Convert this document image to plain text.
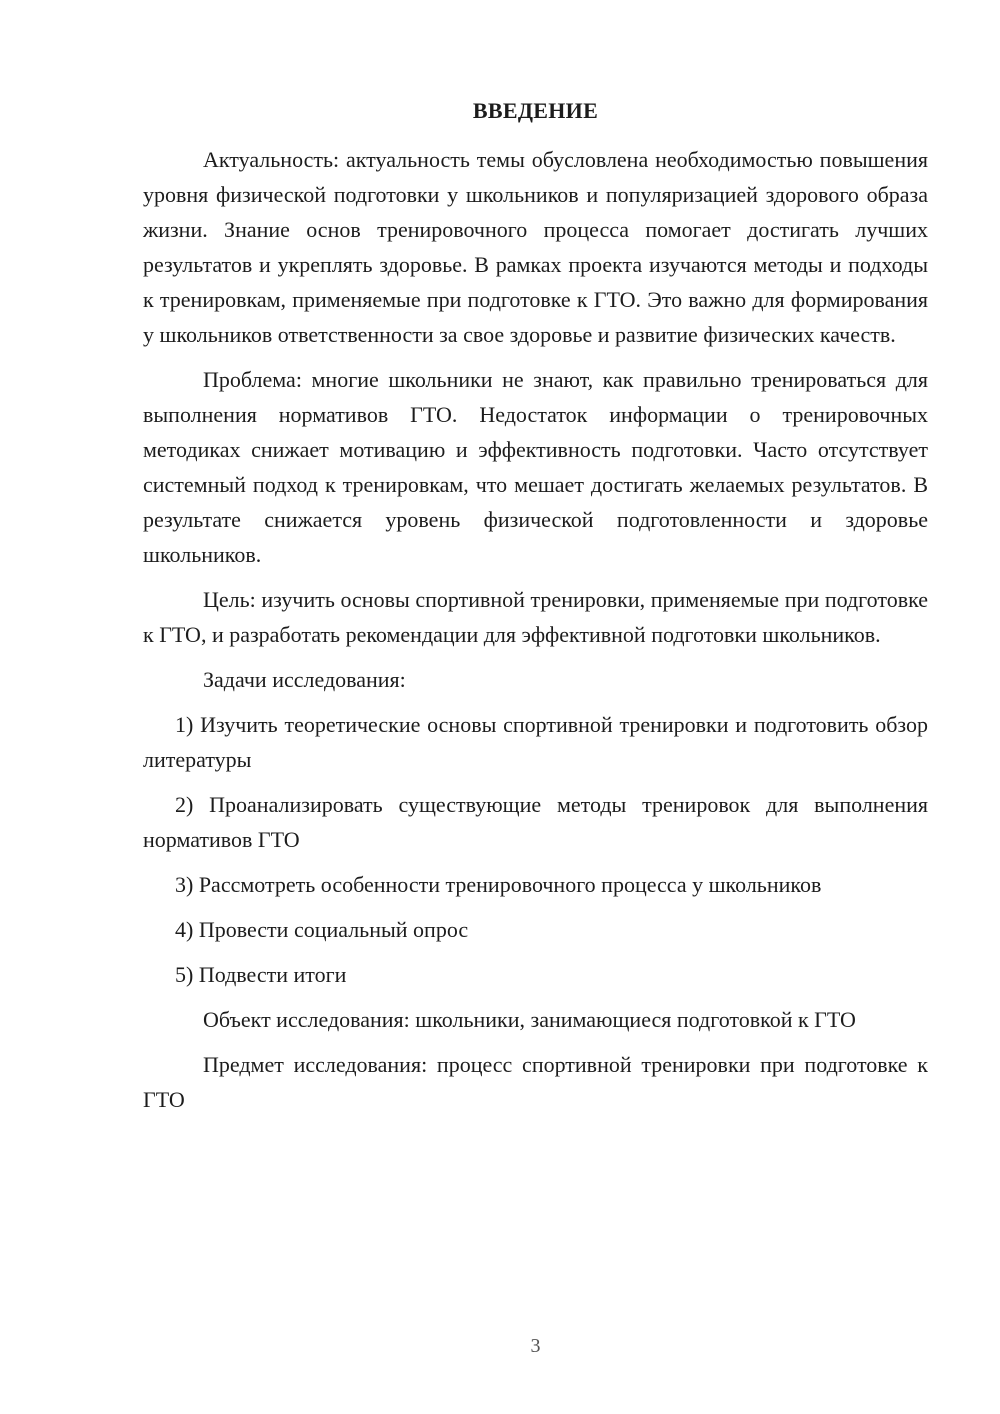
ВВЕДЕНИЕ

Актуальность: актуальность темы обусловлена необходимостью повышения уровня физической подготовки у школьников и популяризацией здорового образа жизни. Знание основ тренировочного процесса помогает достигать лучших результатов и укреплять здоровье. В рамках проекта изучаются методы и подходы к тренировкам, применяемые при подготовке к ГТО. Это важно для формирования у школьников ответственности за свое здоровье и развитие физических качеств.

Проблема: многие школьники не знают, как правильно тренироваться для выполнения нормативов ГТО. Недостаток информации о тренировочных методиках снижает мотивацию и эффективность подготовки. Часто отсутствует системный подход к тренировкам, что мешает достигать желаемых результатов. В результате снижается уровень физической подготовленности и здоровье школьников.

Цель: изучить основы спортивной тренировки, применяемые при подготовке к ГТО, и разработать рекомендации для эффективной подготовки школьников.

Задачи исследования:

1) Изучить теоретические основы спортивной тренировки и подготовить обзор литературы

2) Проанализировать существующие методы тренировок для выполнения нормативов ГТО

3) Рассмотреть особенности тренировочного процесса у школьников

4) Провести социальный опрос

5) Подвести итоги

Объект исследования: школьники, занимающиеся подготовкой к ГТО

Предмет исследования: процесс спортивной тренировки при подготовке к ГТО

3
